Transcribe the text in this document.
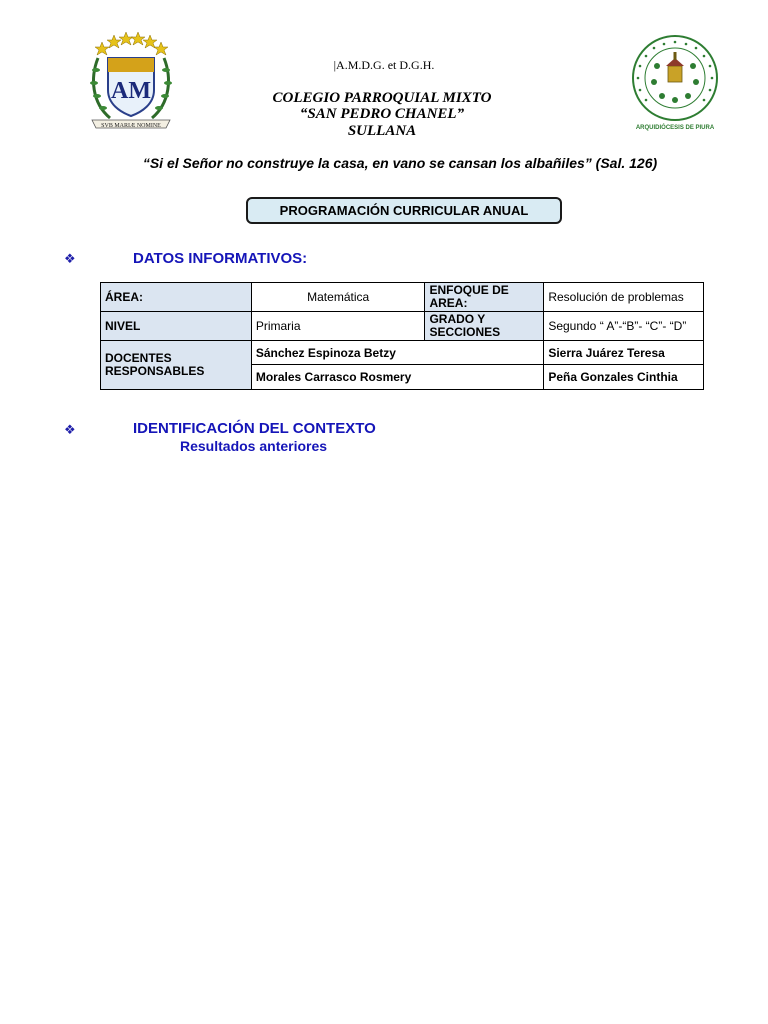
AM
SVB MARIÆ NOMINE
|A.M.D.G. et D.G.H.
COLEGIO PARROQUIAL MIXTO
“SAN PEDRO CHANEL”
SULLANA	ARQUIDIÓCESIS DE PIURA
“Si el Señor no construye la casa, en vano se cansan los albañiles” (Sal. 126)
PROGRAMACIÓN CURRICULAR ANUAL
❖	DATOS INFORMATIVOS:
ÁREA:	Matemática	ENFOQUE DE AREA:	Resolución de problemas
NIVEL	Primaria	GRADO Y SECCIONES	Segundo “ A”-“B”- “C”- “D”
DOCENTES RESPONSABLES	Sánchez Espinoza Betzy		Sierra Juárez Teresa
	Morales Carrasco Rosmery		Peña Gonzales Cinthia
❖	IDENTIFICACIÓN DEL CONTEXTO
Resultados anteriores
